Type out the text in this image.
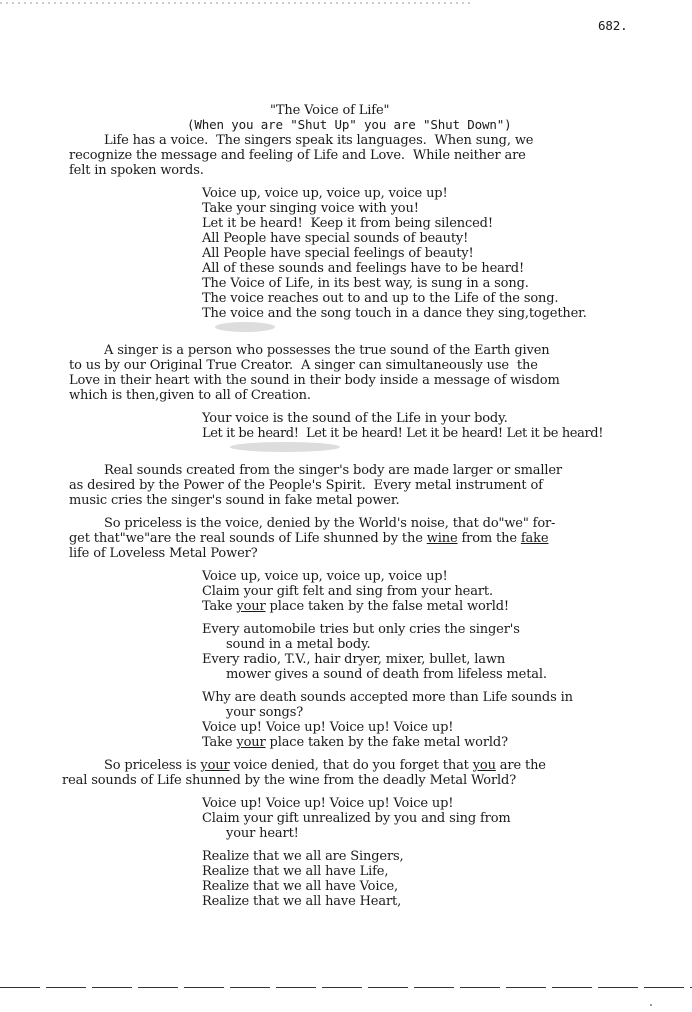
682.
"The Voice of Life"
(When you are "Shut Up" you are "Shut Down")
Life has a voice.  The singers speak its languages.  When sung, we
recognize the message and feeling of Life and Love.  While neither are
felt in spoken words.
Voice up, voice up, voice up, voice up!
Take your singing voice with you!
Let it be heard!  Keep it from being silenced!
All People have special sounds of beauty!
All People have special feelings of beauty!
All of these sounds and feelings have to be heard!
The Voice of Life, in its best way, is sung in a song.
The voice reaches out to and up to the Life of the song.
The voice and the song touch in a dance they sing,together.
A singer is a person who possesses the true sound of the Earth given
to us by our Original True Creator.  A singer can simultaneously use  the
Love in their heart with the sound in their body inside a message of wisdom
which is then,given to all of Creation.
Your voice is the sound of the Life in your body.
Let it be heard!  Let it be heard! Let it be heard! Let it be heard!
Real sounds created from the singer's body are made larger or smaller
as desired by the Power of the People's Spirit.  Every metal instrument of
music cries the singer's sound in fake metal power.
So priceless is the voice, denied by the World's noise, that do"we" for-
get that"we"are the real sounds of Life shunned by the wine from the fake
life of Loveless Metal Power?
Voice up, voice up, voice up, voice up!
Claim your gift felt and sing from your heart.
Take your place taken by the false metal world!
Every automobile tries but only cries the singer's
sound in a metal body.
Every radio, T.V., hair dryer, mixer, bullet, lawn
mower gives a sound of death from lifeless metal.
Why are death sounds accepted more than Life sounds in
your songs?
Voice up! Voice up! Voice up! Voice up!
Take your place taken by the fake metal world?
So priceless is your voice denied, that do you forget that you are the
real sounds of Life shunned by the wine from the deadly Metal World?
Voice up! Voice up! Voice up! Voice up!
Claim your gift unrealized by you and sing from
your heart!
Realize that we all are Singers,
Realize that we all have Life,
Realize that we all have Voice,
Realize that we all have Heart,
